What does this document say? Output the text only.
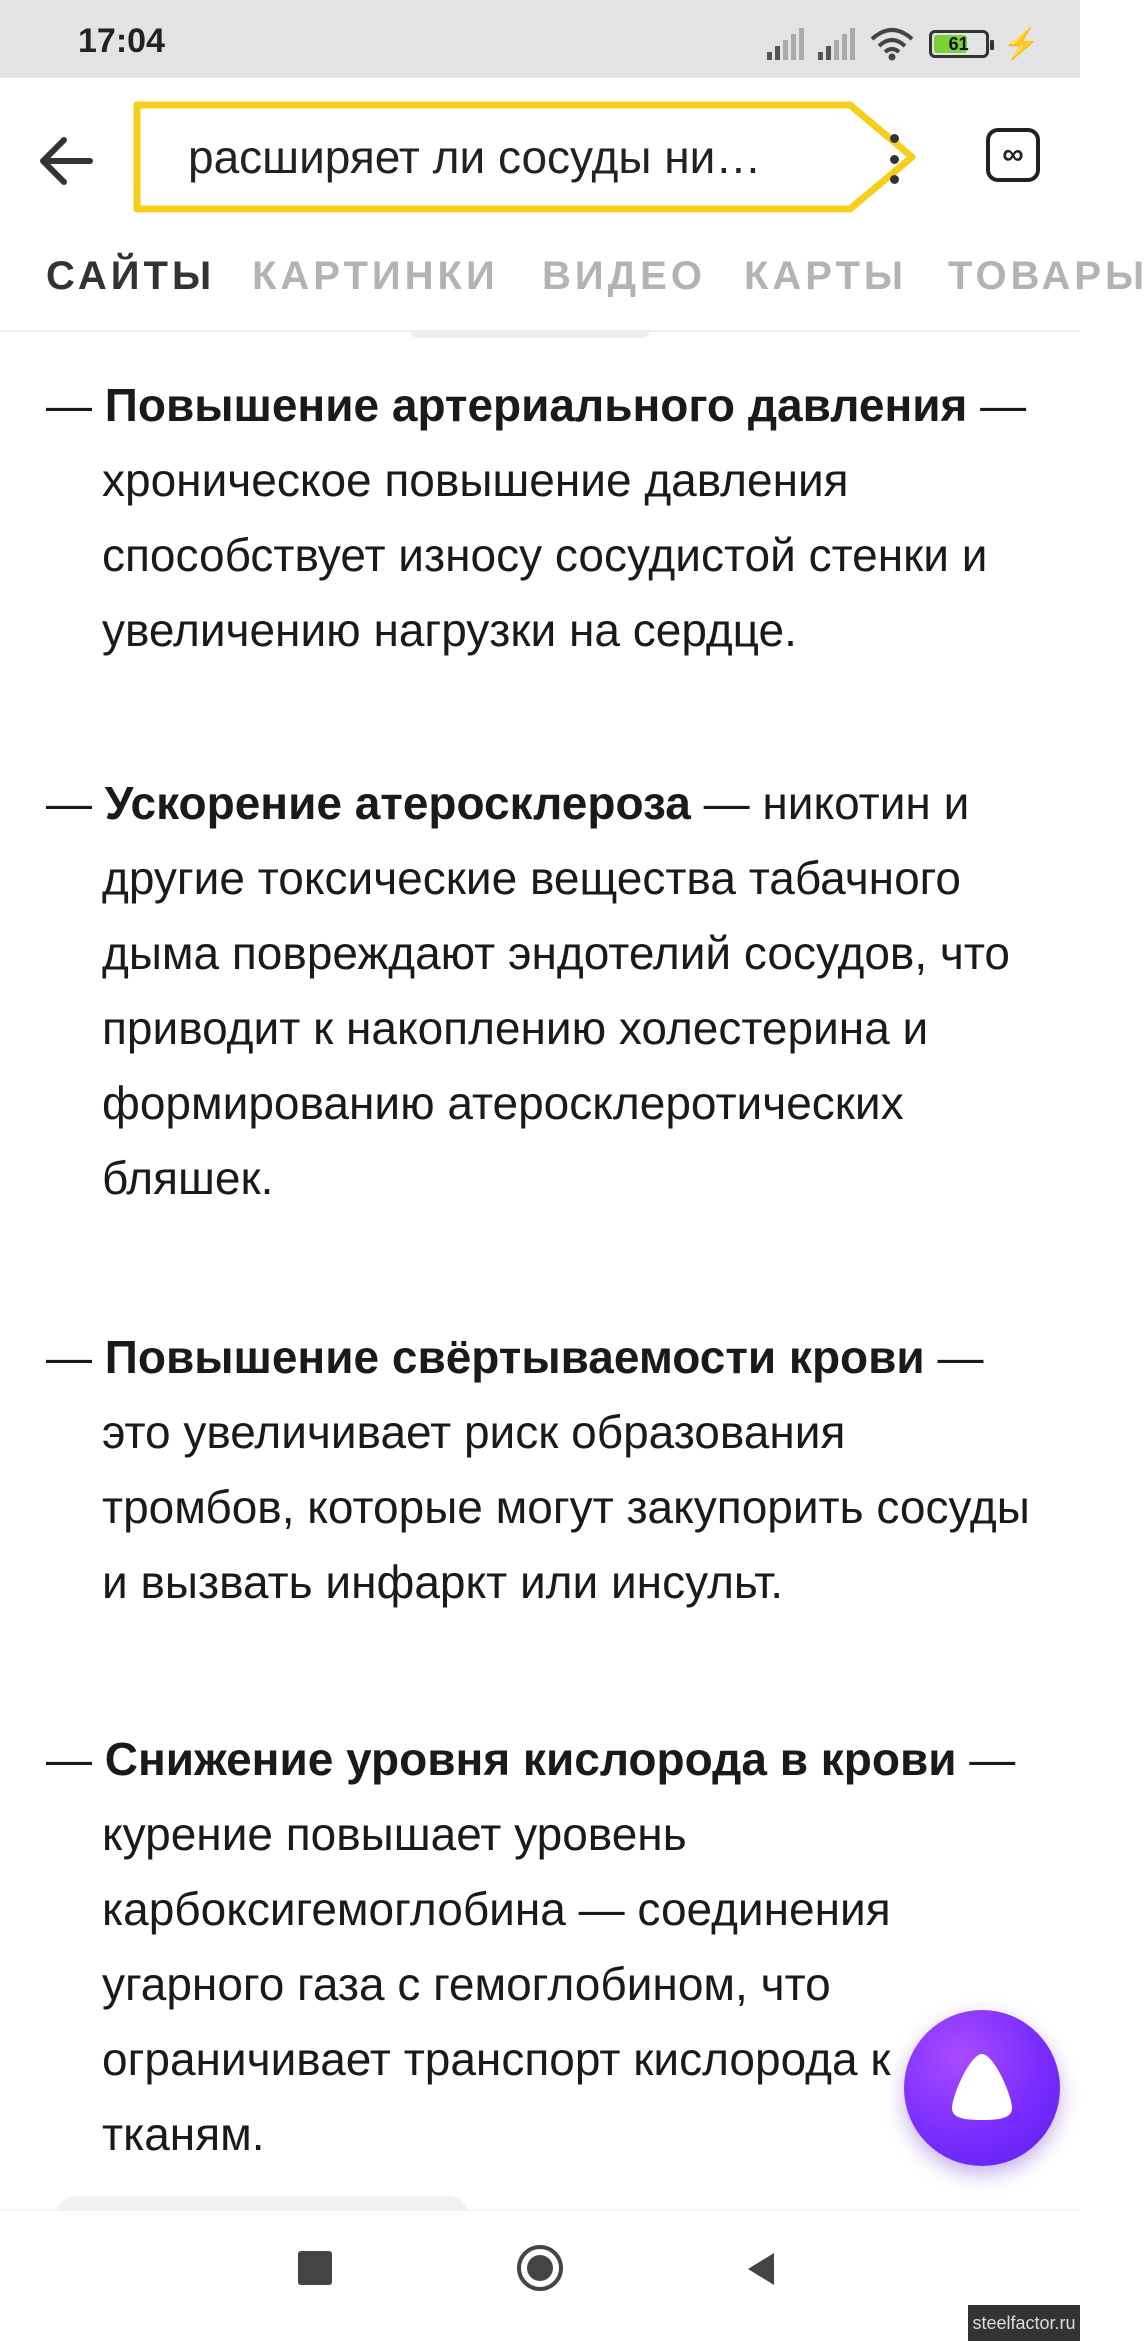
17:04	61 ⚡
расширяет ли сосуды ни…	∞
САЙТЫ КАРТИНКИ ВИДЕО КАРТЫ ТОВАРЫ

— Повышение артериального давления — хроническое повышение давления способствует износу сосудистой стенки и увеличению нагрузки на сердце.

— Ускорение атеросклероза — никотин и другие токсические вещества табачного дыма повреждают эндотелий сосудов, что приводит к накоплению холестерина и формированию атеросклеротических бляшек.

— Повышение свёртываемости крови — это увеличивает риск образования тромбов, которые могут закупорить сосуды и вызвать инфаркт или инсульт.

— Снижение уровня кислорода в крови — курение повышает уровень карбоксигемоглобина — соединения угарного газа с гемоглобином, что ограничивает транспорт кислорода к тканям.

steelfactor.ru
